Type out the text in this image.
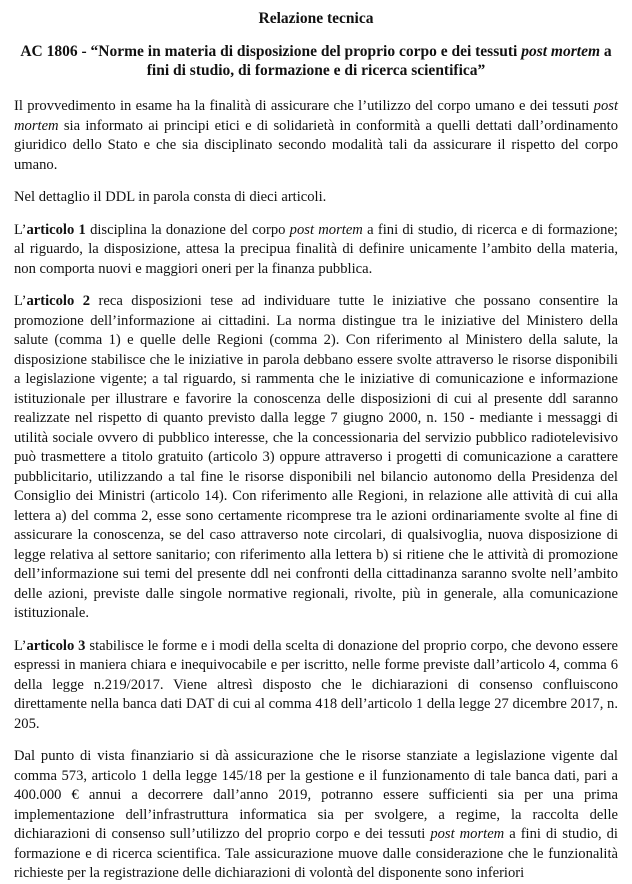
Relazione tecnica
AC 1806 - “Norme in materia di disposizione del proprio corpo e dei tessuti post mortem a fini di studio, di formazione e di ricerca scientifica”

Il provvedimento in esame ha la finalità di assicurare che l’utilizzo del corpo umano e dei tessuti post mortem sia informato ai principi etici e di solidarietà in conformità a quelli dettati dall’ordinamento giuridico dello Stato e che sia disciplinato secondo modalità tali da assicurare il rispetto del corpo umano.

Nel dettaglio il DDL in parola consta di dieci articoli.

L’articolo 1 disciplina la donazione del corpo post mortem a fini di studio, di ricerca e di formazione; al riguardo, la disposizione, attesa la precipua finalità di definire unicamente l’ambito della materia, non comporta nuovi e maggiori oneri per la finanza pubblica.

L’articolo 2 reca disposizioni tese ad individuare tutte le iniziative che possano consentire la promozione dell’informazione ai cittadini. La norma distingue tra le iniziative del Ministero della salute (comma 1) e quelle delle Regioni (comma 2). Con riferimento al Ministero della salute, la disposizione stabilisce che le iniziative in parola debbano essere svolte attraverso le risorse disponibili a legislazione vigente; a tal riguardo, si rammenta che le iniziative di comunicazione e informazione istituzionale per illustrare e favorire la conoscenza delle disposizioni di cui al presente ddl saranno realizzate nel rispetto di quanto previsto dalla legge 7 giugno 2000, n. 150 - mediante i messaggi di utilità sociale ovvero di pubblico interesse, che la concessionaria del servizio pubblico radiotelevisivo può trasmettere a titolo gratuito (articolo 3) oppure attraverso i progetti di comunicazione a carattere pubblicitario, utilizzando a tal fine le risorse disponibili nel bilancio autonomo della Presidenza del Consiglio dei Ministri (articolo 14). Con riferimento alle Regioni, in relazione alle attività di cui alla lettera a) del comma 2, esse sono certamente ricomprese tra le azioni ordinariamente svolte al fine di assicurare la conoscenza, se del caso attraverso note circolari, di qualsivoglia, nuova disposizione di legge relativa al settore sanitario; con riferimento alla lettera b) si ritiene che le attività di promozione dell’informazione sui temi del presente ddl nei confronti della cittadinanza saranno svolte nell’ambito delle azioni, previste dalle singole normative regionali, rivolte, più in generale, alla comunicazione istituzionale.

L’articolo 3 stabilisce le forme e i modi della scelta di donazione del proprio corpo, che devono essere espressi in maniera chiara e inequivocabile e per iscritto, nelle forme previste dall’articolo 4, comma 6 della legge n.219/2017. Viene altresì disposto che le dichiarazioni di consenso confluiscono direttamente nella banca dati DAT di cui al comma 418 dell’articolo 1 della legge 27 dicembre 2017, n. 205.

Dal punto di vista finanziario si dà assicurazione che le risorse stanziate a legislazione vigente dal comma 573, articolo 1 della legge 145/18 per la gestione e il funzionamento di tale banca dati, pari a 400.000 € annui a decorrere dall’anno 2019, potranno essere sufficienti sia per una prima implementazione dell’infrastruttura informatica sia per svolgere, a regime, la raccolta delle dichiarazioni di consenso sull’utilizzo del proprio corpo e dei tessuti post mortem a fini di studio, di formazione e di ricerca scientifica. Tale assicurazione muove dalle considerazione che le funzionalità richieste per la registrazione delle dichiarazioni di volontà del disponente sono inferiori
